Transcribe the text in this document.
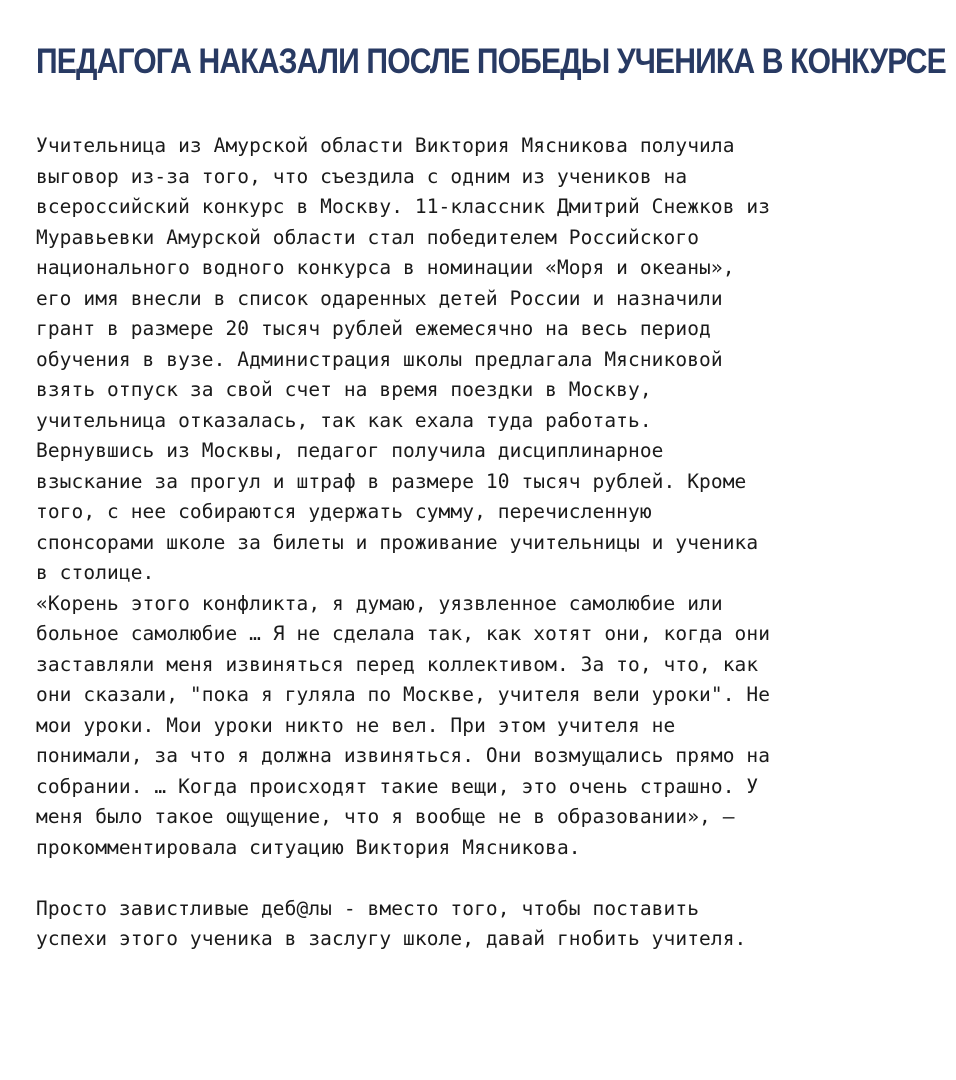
ПЕДАГОГА НАКАЗАЛИ ПОСЛЕ ПОБЕДЫ УЧЕНИКА В КОНКУРСЕ

Учительница из Амурской области Виктория Мясникова получила
выговор из-за того, что съездила с одним из учеников на
всероссийский конкурс в Москву. 11-классник Дмитрий Снежков из
Муравьевки Амурской области стал победителем Российского
национального водного конкурса в номинации «Моря и океаны»,
его имя внесли в список одаренных детей России и назначили
грант в размере 20 тысяч рублей ежемесячно на весь период
обучения в вузе. Администрация школы предлагала Мясниковой
взять отпуск за свой счет на время поездки в Москву,
учительница отказалась, так как ехала туда работать.
Вернувшись из Москвы, педагог получила дисциплинарное
взыскание за прогул и штраф в размере 10 тысяч рублей. Кроме
того, с нее собираются удержать сумму, перечисленную
спонсорами школе за билеты и проживание учительницы и ученика
в столице.

«Корень этого конфликта, я думаю, уязвленное самолюбие или
больное самолюбие … Я не сделала так, как хотят они, когда они
заставляли меня извиняться перед коллективом. За то, что, как
они сказали, "пока я гуляла по Москве, учителя вели уроки". Не
мои уроки. Мои уроки никто не вел. При этом учителя не
понимали, за что я должна извиняться. Они возмущались прямо на
собрании. … Когда происходят такие вещи, это очень страшно. У
меня было такое ощущение, что я вообще не в образовании», —
прокомментировала ситуацию Виктория Мясникова.

Просто завистливые деб@лы - вместо того, чтобы поставить
успехи этого ученика в заслугу школе, давай гнобить учителя.
